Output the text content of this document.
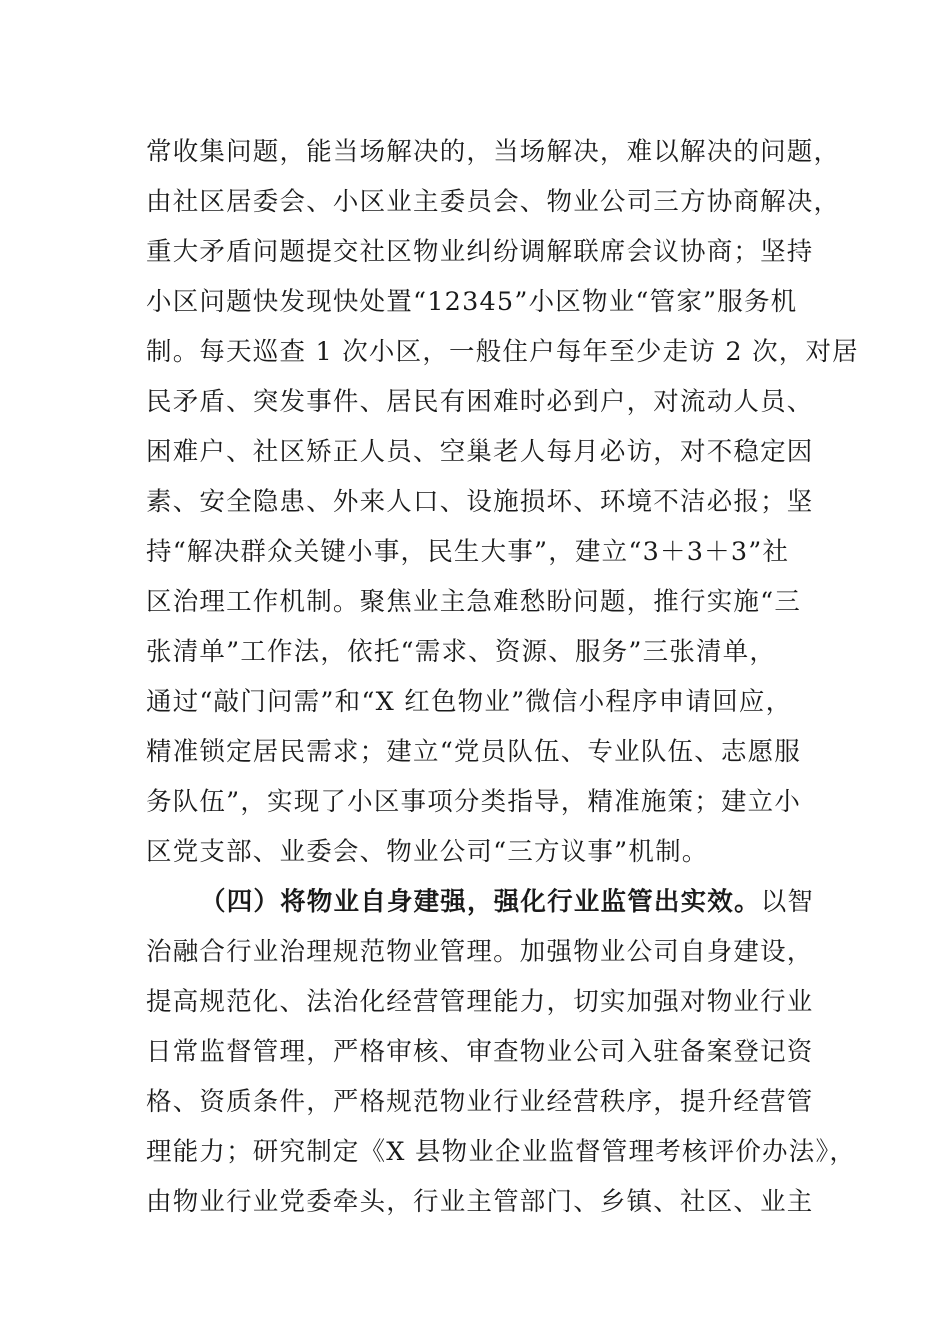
常收集问题，能当场解决的，当场解决，难以解决的问题，
由社区居委会、小区业主委员会、物业公司三方协商解决，
重大矛盾问题提交社区物业纠纷调解联席会议协商；坚持
小区问题快发现快处置“12345”小区物业“管家”服务机
制。每天巡查 1 次小区，一般住户每年至少走访 2 次，对居
民矛盾、突发事件、居民有困难时必到户，对流动人员、
困难户、社区矫正人员、空巢老人每月必访，对不稳定因
素、安全隐患、外来人口、设施损坏、环境不洁必报；坚
持“解决群众关键小事，民生大事”，建立“3＋3＋3”社
区治理工作机制。聚焦业主急难愁盼问题，推行实施“三
张清单”工作法，依托“需求、资源、服务”三张清单，
通过“敲门问需”和“X 红色物业”微信小程序申请回应，
精准锁定居民需求；建立“党员队伍、专业队伍、志愿服
务队伍”，实现了小区事项分类指导，精准施策；建立小
区党支部、业委会、物业公司“三方议事”机制。
（四）将物业自身建强，强化行业监管出实效。以智
治融合行业治理规范物业管理。加强物业公司自身建设，
提高规范化、法治化经营管理能力，切实加强对物业行业
日常监督管理，严格审核、审查物业公司入驻备案登记资
格、资质条件，严格规范物业行业经营秩序，提升经营管
理能力；研究制定《X 县物业企业监督管理考核评价办法》，
由物业行业党委牵头，行业主管部门、乡镇、社区、业主
